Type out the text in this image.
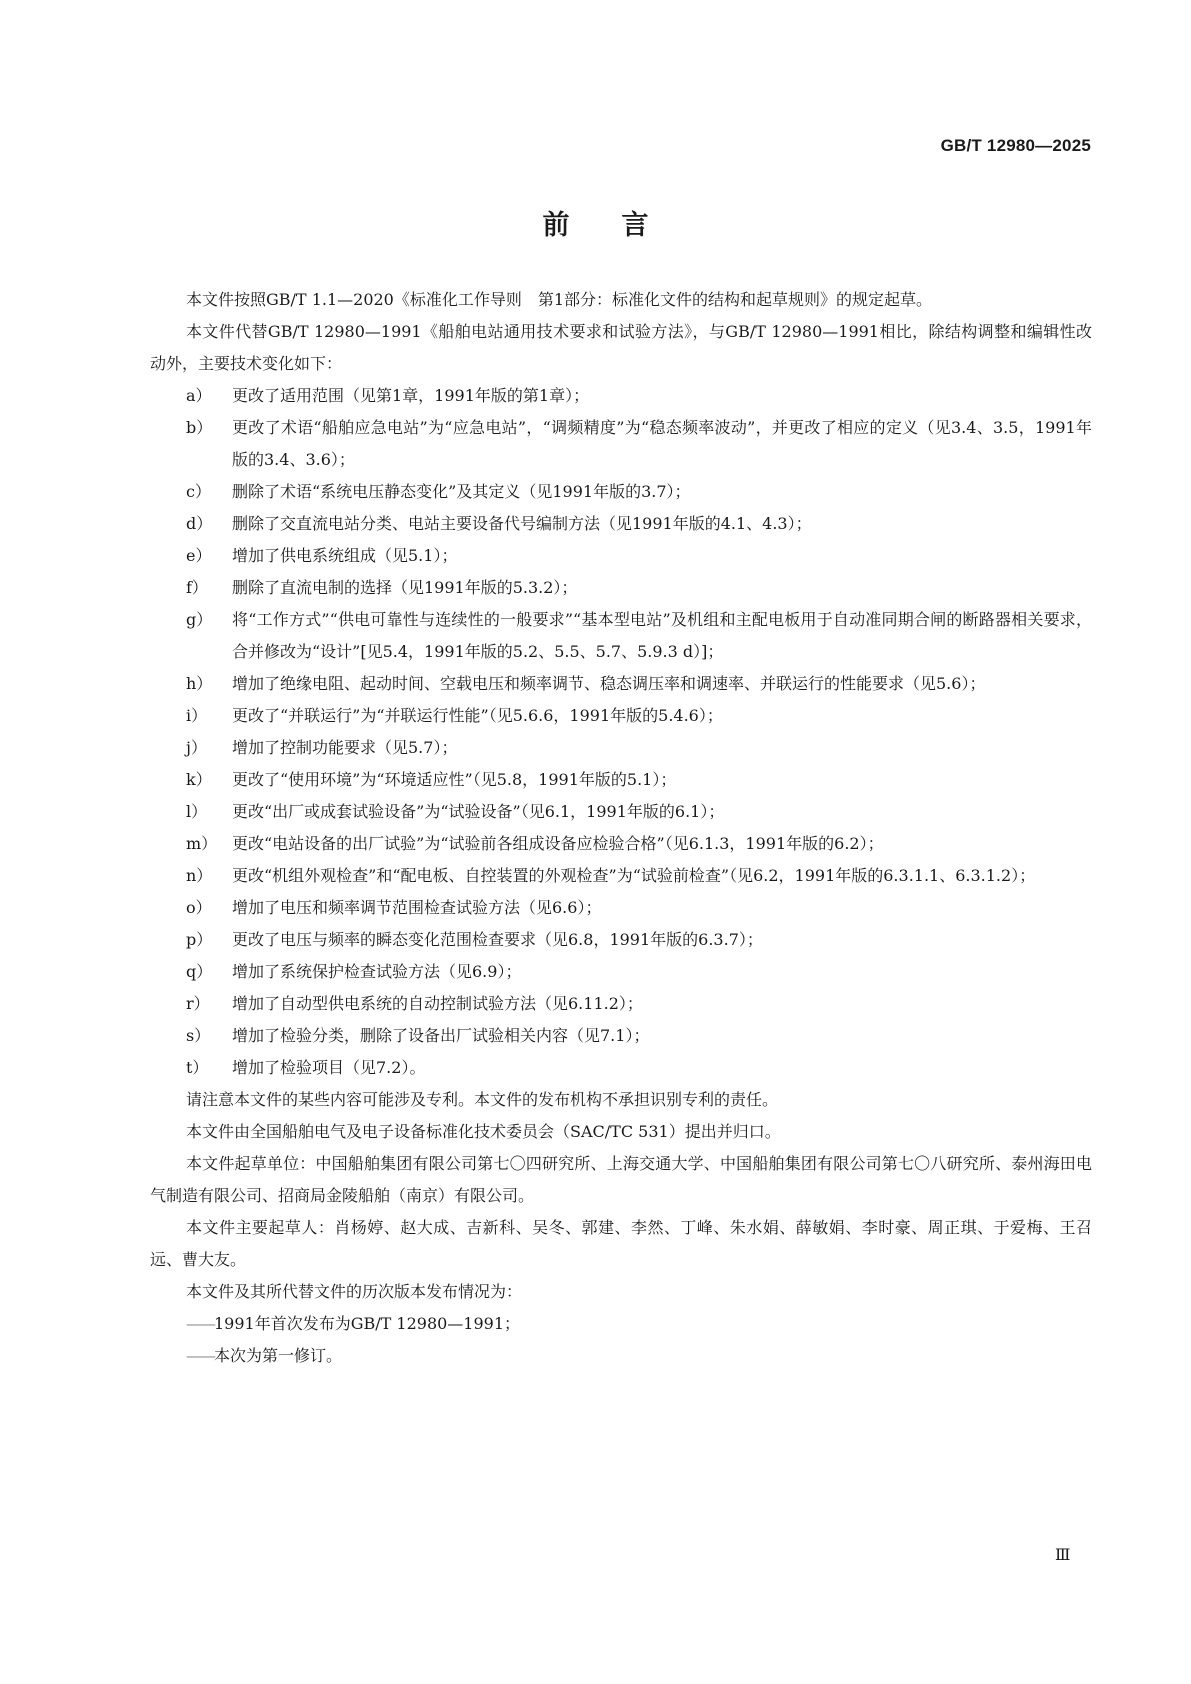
GB/T 12980—2025
前言

本文件按照GB/T 1.1—2020《标准化工作导则　第1部分：标准化文件的结构和起草规则》的规定起草。

本文件代替GB/T 12980—1991《船舶电站通用技术要求和试验方法》，与GB/T 12980—1991相比，除结构调整和编辑性改动外，主要技术变化如下：

a）	更改了适用范围（见第1章，1991年版的第1章）；
b）	更改了术语“船舶应急电站”为“应急电站”，“调频精度”为“稳态频率波动”，并更改了相应的定义（见3.4、3.5，1991年版的3.4、3.6）；
c）	删除了术语“系统电压静态变化”及其定义（见1991年版的3.7）；
d）	删除了交直流电站分类、电站主要设备代号编制方法（见1991年版的4.1、4.3）；
e）	增加了供电系统组成（见5.1）；
f）	删除了直流电制的选择（见1991年版的5.3.2）；
g）	将“工作方式”“供电可靠性与连续性的一般要求”“基本型电站”及机组和主配电板用于自动准同期合闸的断路器相关要求，合并修改为“设计”[见5.4，1991年版的5.2、5.5、5.7、5.9.3 d）]；
h）	增加了绝缘电阻、起动时间、空载电压和频率调节、稳态调压率和调速率、并联运行的性能要求（见5.6）；
i）	更改了“并联运行”为“并联运行性能”（见5.6.6，1991年版的5.4.6）；
j）	增加了控制功能要求（见5.7）；
k）	更改了“使用环境”为“环境适应性”（见5.8，1991年版的5.1）；
l）	更改“出厂或成套试验设备”为“试验设备”（见6.1，1991年版的6.1）；
m） 更改“电站设备的出厂试验”为“试验前各组成设备应检验合格”（见6.1.3，1991年版的6.2）；
n）	更改“机组外观检查”和“配电板、自控装置的外观检查”为“试验前检查”（见6.2，1991年版的6.3.1.1、6.3.1.2）；
o）	增加了电压和频率调节范围检查试验方法（见6.6）；
p）	更改了电压与频率的瞬态变化范围检查要求（见6.8，1991年版的6.3.7）；
q）	增加了系统保护检查试验方法（见6.9）；
r）	增加了自动型供电系统的自动控制试验方法（见6.11.2）；
s）	增加了检验分类，删除了设备出厂试验相关内容（见7.1）；
t）	增加了检验项目（见7.2）。

请注意本文件的某些内容可能涉及专利。本文件的发布机构不承担识别专利的责任。

本文件由全国船舶电气及电子设备标准化技术委员会（SAC/TC 531）提出并归口。

本文件起草单位：中国船舶集团有限公司第七〇四研究所、上海交通大学、中国船舶集团有限公司第七〇八研究所、泰州海田电气制造有限公司、招商局金陵船舶（南京）有限公司。

本文件主要起草人：肖杨婷、赵大成、吉新科、吴冬、郭建、李然、丁峰、朱水娟、薛敏娟、李时豪、周正琪、于爱梅、王召远、曹大友。

本文件及其所代替文件的历次版本发布情况为：

——1991年首次发布为GB/T 12980—1991；
——本次为第一修订。
Ⅲ
